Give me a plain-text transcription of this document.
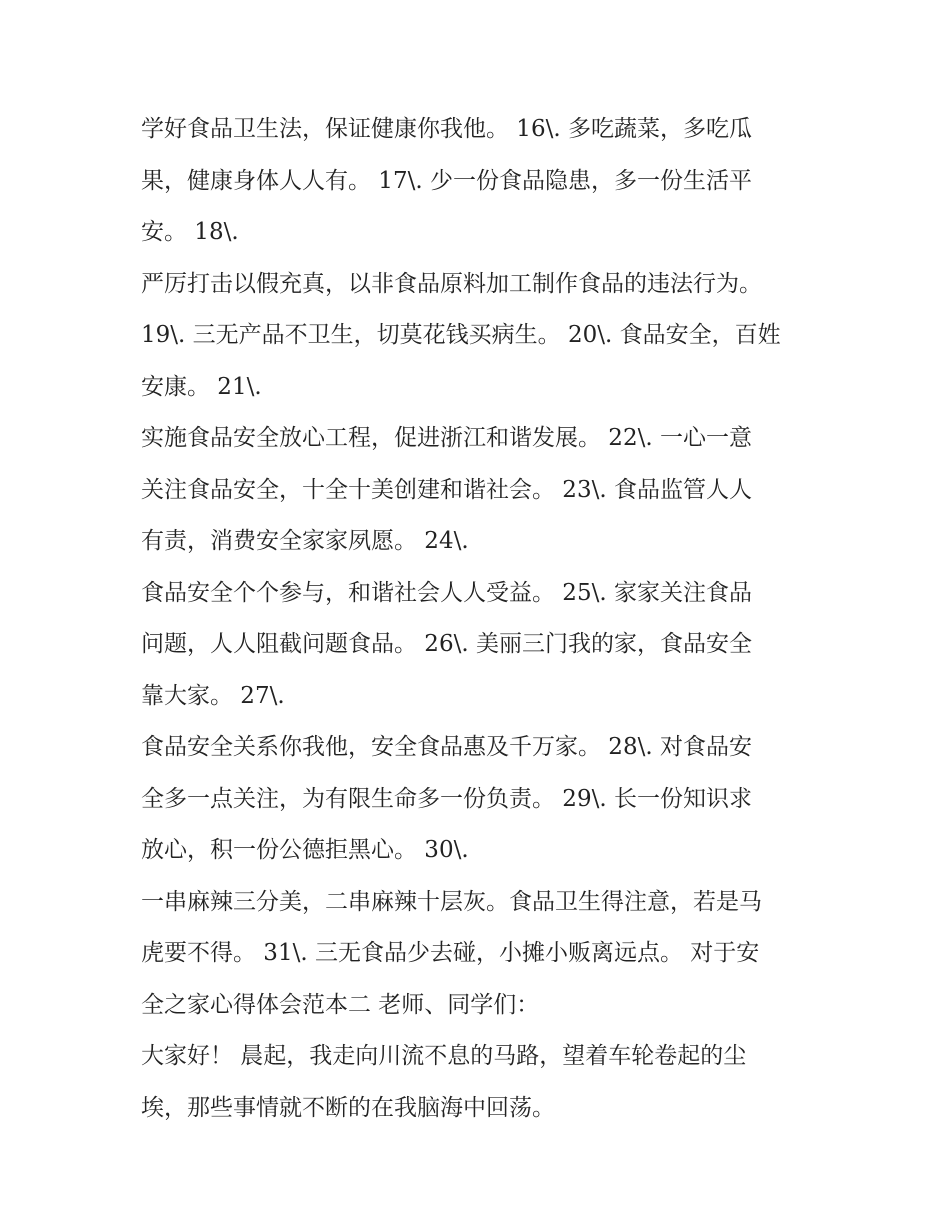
学好食品卫生法，保证健康你我他。 16\. 多吃蔬菜，多吃瓜
果，健康身体人人有。 17\. 少一份食品隐患，多一份生活平
安。 18\.
严厉打击以假充真，以非食品原料加工制作食品的违法行为。
19\. 三无产品不卫生，切莫花钱买病生。 20\. 食品安全，百姓
安康。 21\.
实施食品安全放心工程，促进浙江和谐发展。 22\. 一心一意
关注食品安全，十全十美创建和谐社会。 23\. 食品监管人人
有责，消费安全家家夙愿。 24\.
食品安全个个参与，和谐社会人人受益。 25\. 家家关注食品
问题，人人阻截问题食品。 26\. 美丽三门我的家，食品安全
靠大家。 27\.
食品安全关系你我他，安全食品惠及千万家。 28\. 对食品安
全多一点关注，为有限生命多一份负责。 29\. 长一份知识求
放心，积一份公德拒黑心。 30\.
一串麻辣三分美，二串麻辣十层灰。食品卫生得注意，若是马
虎要不得。 31\. 三无食品少去碰，小摊小贩离远点。 对于安
全之家心得体会范本二 老师、同学们：
大家好！ 晨起，我走向川流不息的马路，望着车轮卷起的尘
埃，那些事情就不断的在我脑海中回荡。
